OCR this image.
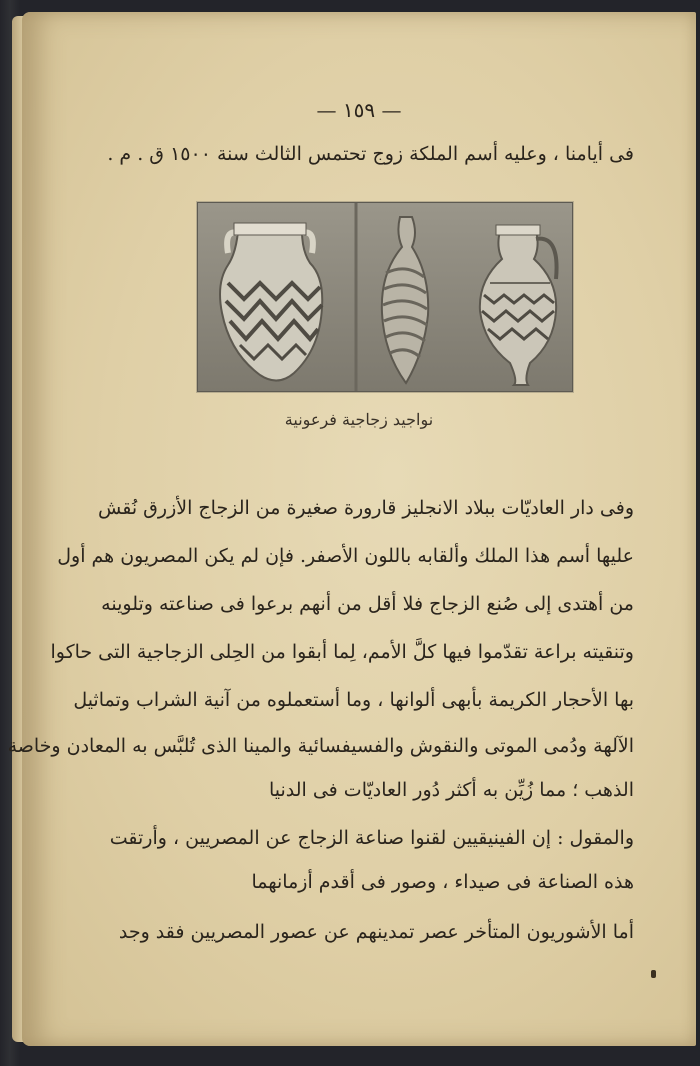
— ١٥٩ —
فى أيامنا ، وعليه أسم الملكة زوج تحتمس الثالث سنة ١٥٠٠ ق . م .
نواجيد زجاجية فرعونية
وفى دار العاديّات ببلاد الانجليز قارورة صغيرة من الزجاج الأزرق نُقش
عليها أسم هذا الملك وألقابه باللون الأصفر. فإن لم يكن المصريون هم أول
من أهتدى إلى صُنع الزجاج فلا أقل من أنهم برعوا فى صناعته وتلوينه
وتنقيته براعة تقدّموا فيها كلَّ الأمم، لِما أبقوا من الحِلى الزجاجية التى حاكوا
بها الأحجار الكريمة بأبهى ألوانها ، وما أستعملوه من آنية الشراب وتماثيل
الآلهة ودُمى الموتى والنقوش والفسيفسائية والمينا الذى تُلبَّس به المعادن وخاصة
الذهب ؛ مما زُيِّن به أكثر دُور العاديّات فى الدنيا
والمقول : إن الفينيقيين لقنوا صناعة الزجاج عن المصريين ، وأرتقت
هذه الصناعة فى صيداء ، وصور فى أقدم أزمانهما
أما الأشوريون المتأخر عصر تمدينهم عن عصور المصريين فقد وجد
